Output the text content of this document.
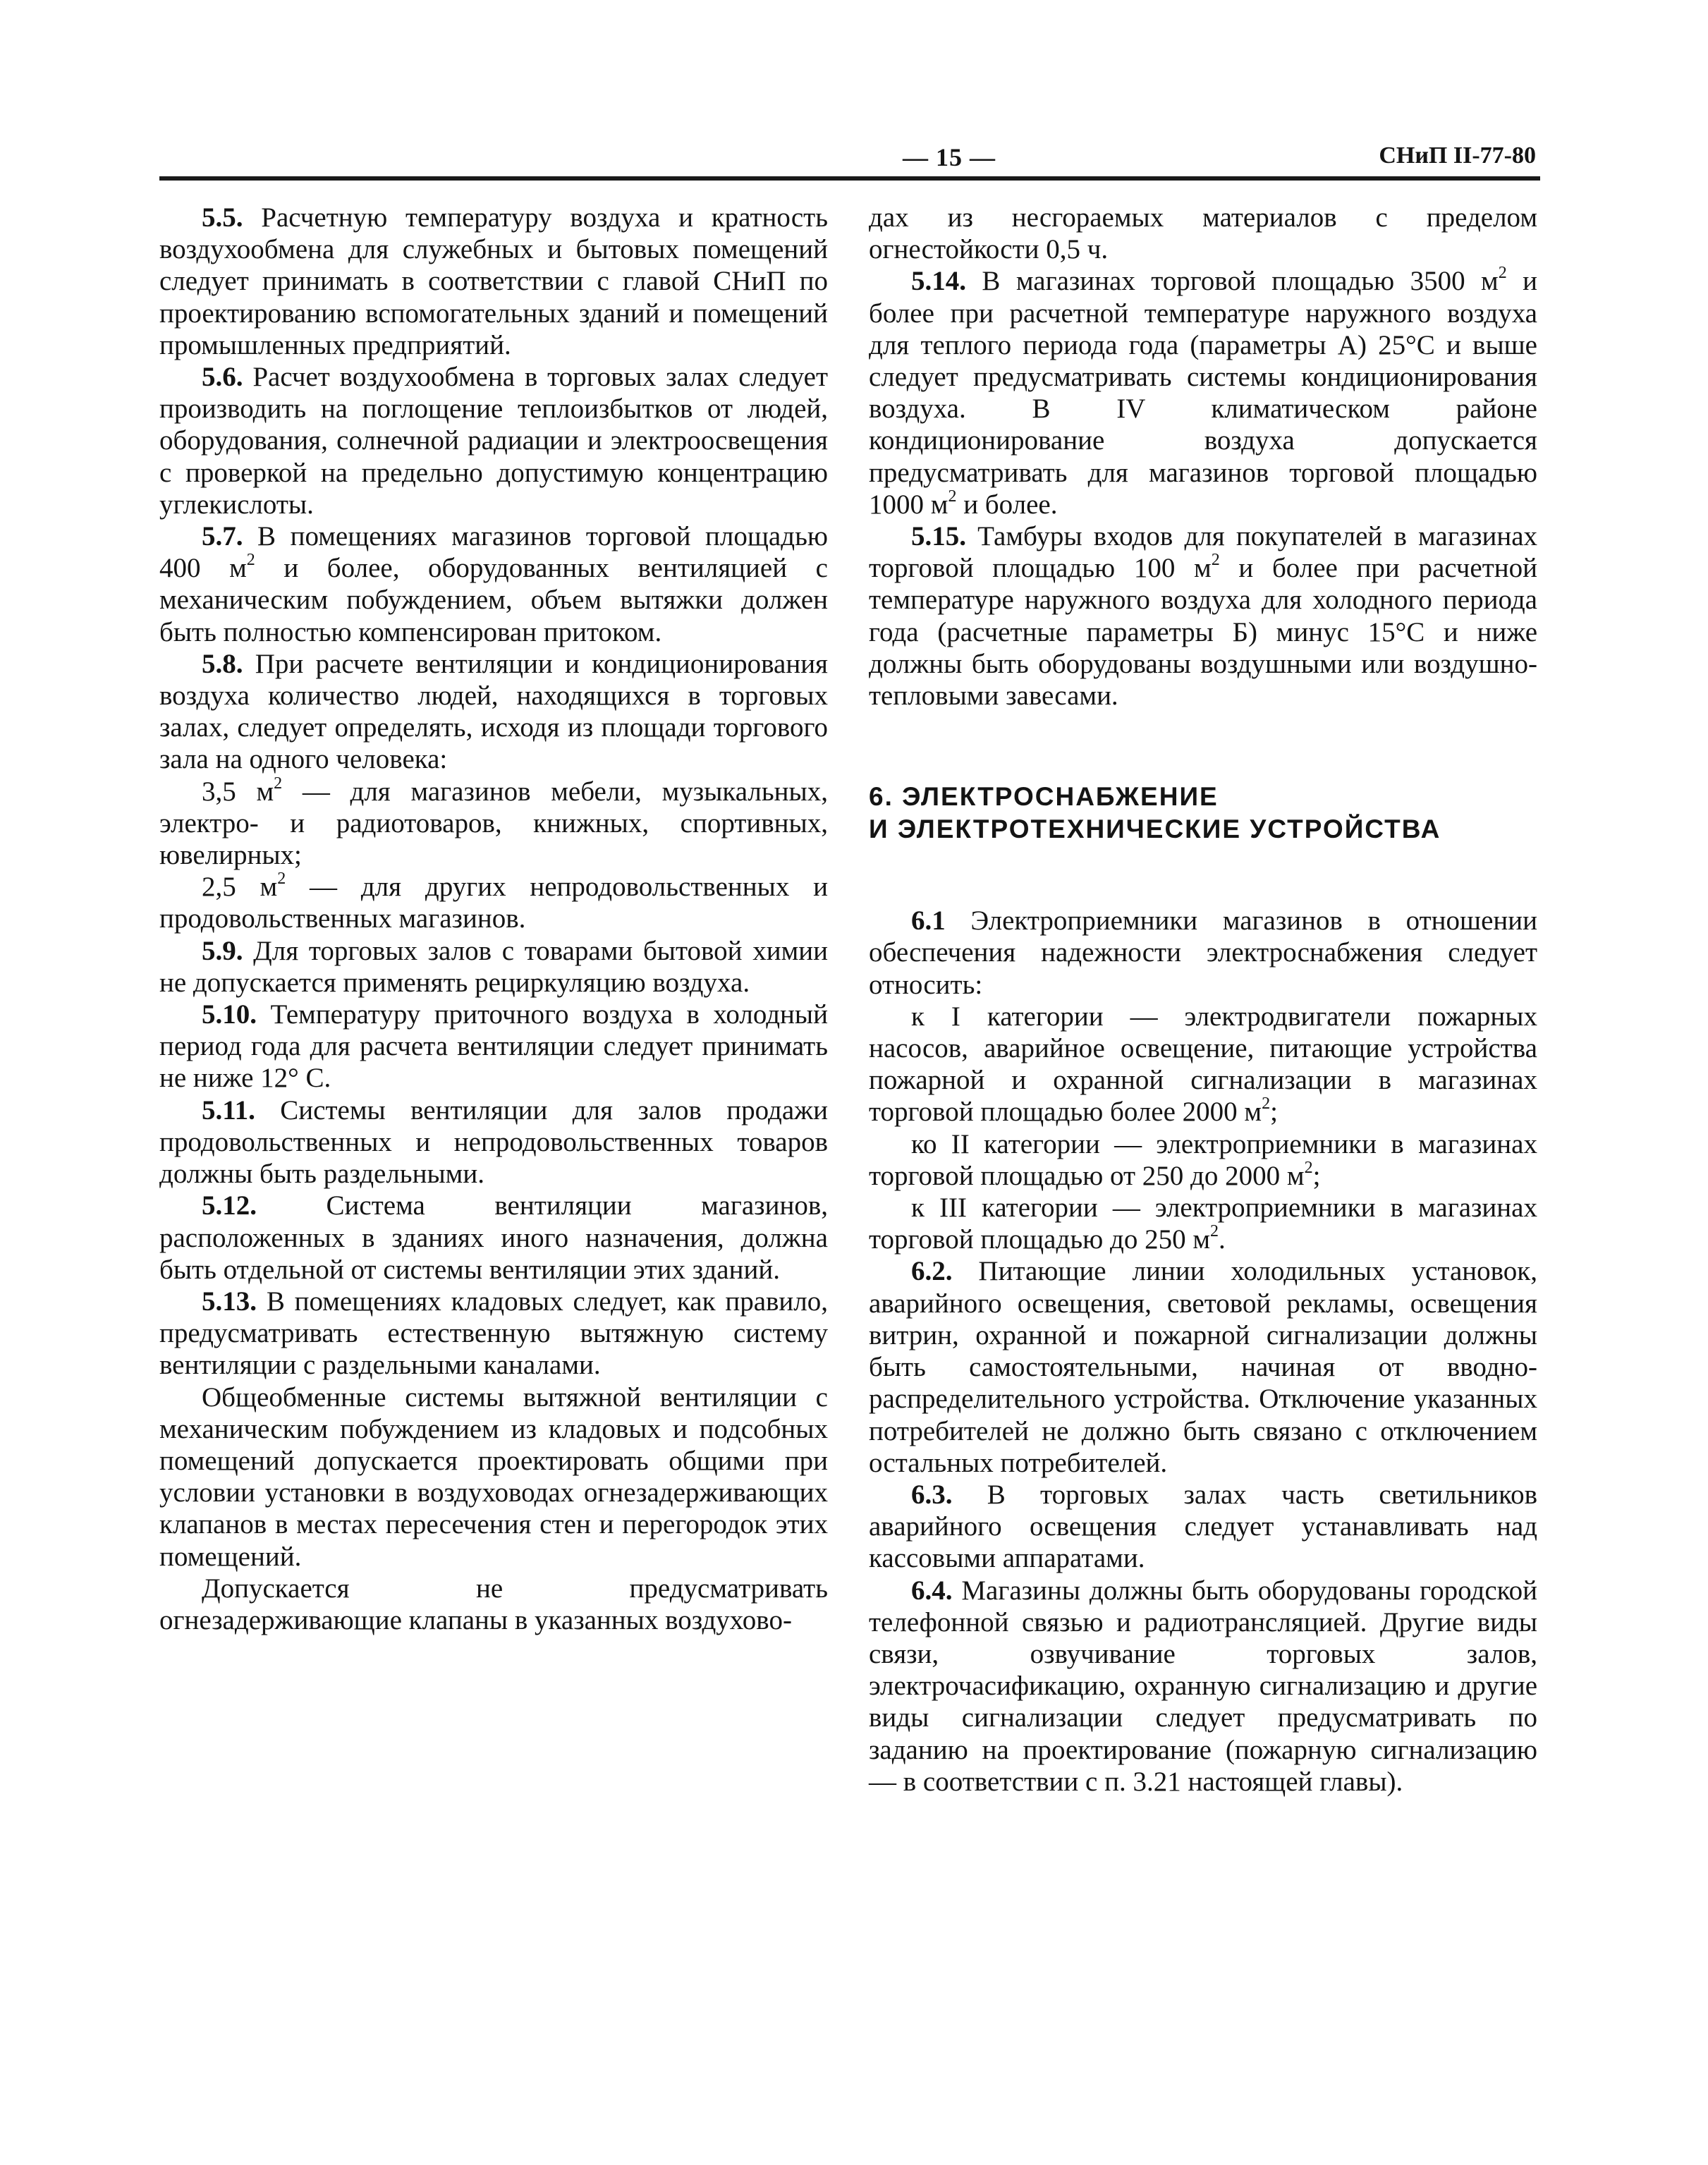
— 15 —	СНиП II-77-80

5.5. Расчетную температуру воздуха и кратность воздухообмена для служебных и бытовых помещений следует принимать в соответствии с главой СНиП по проектированию вспомогательных зданий и помещений промышленных предприятий.

5.6. Расчет воздухообмена в торговых залах следует производить на поглощение теплоизбытков от людей, оборудования, солнечной радиации и электроосвещения с проверкой на предельно допустимую концентрацию углекислоты.

5.7. В помещениях магазинов торговой площадью 400 $м^2$ и более, оборудованных вентиляцией с механическим побуждением, объем вытяжки должен быть полностью компенсирован притоком.

5.8. При расчете вентиляции и кондиционирования воздуха количество людей, находящихся в торговых залах, следует определять, исходя из площади торгового зала на одного человека:

3,5 $м^2$ — для магазинов мебели, музыкальных, электро- и радиотоваров, книжных, спортивных, ювелирных;

2,5 $м^2$ — для других непродовольственных и продовольственных магазинов.

5.9. Для торговых залов с товарами бытовой химии не допускается применять рециркуляцию воздуха.

5.10. Температуру приточного воздуха в холодный период года для расчета вентиляции следует принимать не ниже 12° С.

5.11. Системы вентиляции для залов продажи продовольственных и непродовольственных товаров должны быть раздельными.

5.12.	Система вентиляции магазинов, расположенных в зданиях иного назначения, должна быть отдельной от системы вентиляции этих зданий.

5.13. В помещениях кладовых следует, как правило, предусматривать естественную вытяжную систему вентиляции с раздельными каналами.

Общеобменные системы вытяжной вентиляции с механическим побуждением из кладовых и подсобных помещений допускается проектировать общими при условии установки в воздуховодах огнезадерживающих клапанов в местах пересечения стен и перегородок этих помещений.

Допускается не предусматривать огнезадерживающие клапаны в указанных воздухово-

дах из несгораемых материалов с пределом огнестойкости 0,5 ч.

5.14. В магазинах торговой площадью 3500 $м^2$ и более при расчетной температуре наружного воздуха для теплого периода года (параметры А) 25°С и выше следует предусматривать системы кондиционирования воздуха. В IV климатическом районе кондиционирование воздуха допускается предусматривать для магазинов торговой площадью 1000 $м^2$ и более.

5.15. Тамбуры входов для покупателей в магазинах торговой площадью 100 $м^2$ и более при расчетной температуре наружного воздуха для холодного периода года (расчетные параметры Б) минус 15°С и ниже должны быть оборудованы воздушными или воздушно-тепловыми завесами.

6. ЭЛЕКТРОСНАБЖЕНИЕ
И ЭЛЕКТРОТЕХНИЧЕСКИЕ УСТРОЙСТВА

6.1 Электроприемники магазинов в отношении обеспечения надежности электроснабжения следует относить:

к I категории — электродвигатели пожарных насосов, аварийное освещение, питающие устройства пожарной и охранной сигнализации в магазинах торговой площадью более 2000 $м^2$;

ко II категории — электроприемники в магазинах торговой площадью от 250 до 2000 $м^2$;

к III категории — электроприемники в магазинах торговой площадью до 250 $м^2$.

6.2. Питающие линии холодильных установок, аварийного освещения, световой рекламы, освещения витрин, охранной и пожарной сигнализации должны быть самостоятельными, начиная от вводно-распределительного устройства. Отключение указанных потребителей не должно быть связано с отключением остальных потребителей.

6.3. В торговых залах часть светильников аварийного освещения следует устанавливать над кассовыми аппаратами.

6.4. Магазины должны быть оборудованы городской телефонной связью и радиотрансляцией. Другие виды связи, озвучивание торговых залов, электрочасификацию, охранную сигнализацию и другие виды сигнализации следует предусматривать по заданию на проектирование (пожарную сигнализацию — в соответствии с п. 3.21 настоящей главы).
